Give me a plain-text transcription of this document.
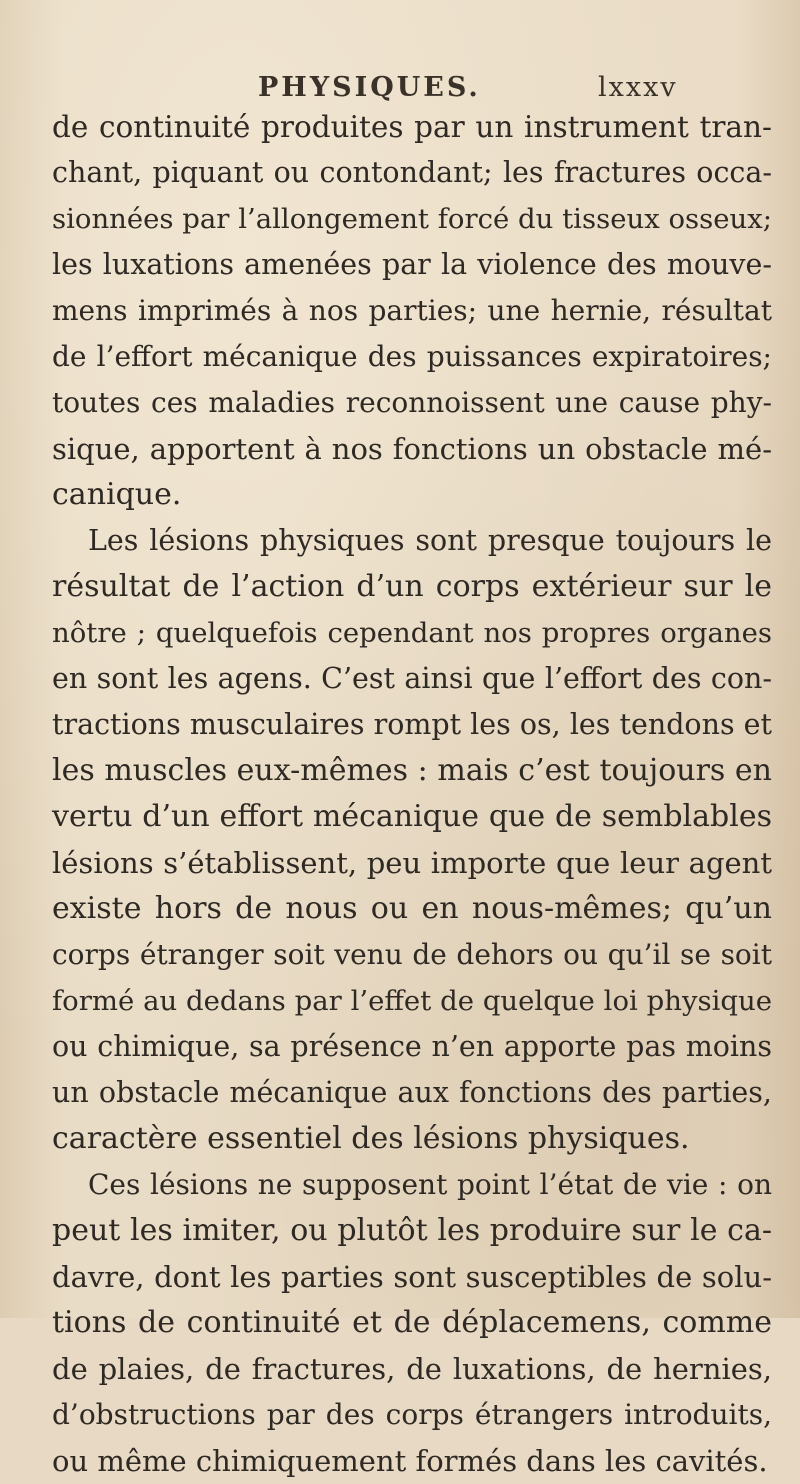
PHYSIQUES.	lxxxv
de continuité produites par un instrument tran-
chant, piquant ou contondant; les fractures occa-
sionnées par l’allongement forcé du tisseux osseux;
les luxations amenées par la violence des mouve-
mens imprimés à nos parties; une hernie, résultat
de l’effort mécanique des puissances expiratoires;
toutes ces maladies reconnoissent une cause phy-
sique, apportent à nos fonctions un obstacle mé-
canique.
Les lésions physiques sont presque toujours le
résultat de l’action d’un corps extérieur sur le
nôtre ; quelquefois cependant nos propres organes
en sont les agens. C’est ainsi que l’effort des con-
tractions musculaires rompt les os, les tendons et
les muscles eux-mêmes : mais c’est toujours en
vertu d’un effort mécanique que de semblables
lésions s’établissent, peu importe que leur agent
existe hors de nous ou en nous-mêmes; qu’un
corps étranger soit venu de dehors ou qu’il se soit
formé au dedans par l’effet de quelque loi physique
ou chimique, sa présence n’en apporte pas moins
un obstacle mécanique aux fonctions des parties,
caractère essentiel des lésions physiques.
Ces lésions ne supposent point l’état de vie : on
peut les imiter, ou plutôt les produire sur le ca-
davre, dont les parties sont susceptibles de solu-
tions de continuité et de déplacemens, comme
de plaies, de fractures, de luxations, de hernies,
d’obstructions par des corps étrangers introduits,
ou même chimiquement formés dans les cavités.
